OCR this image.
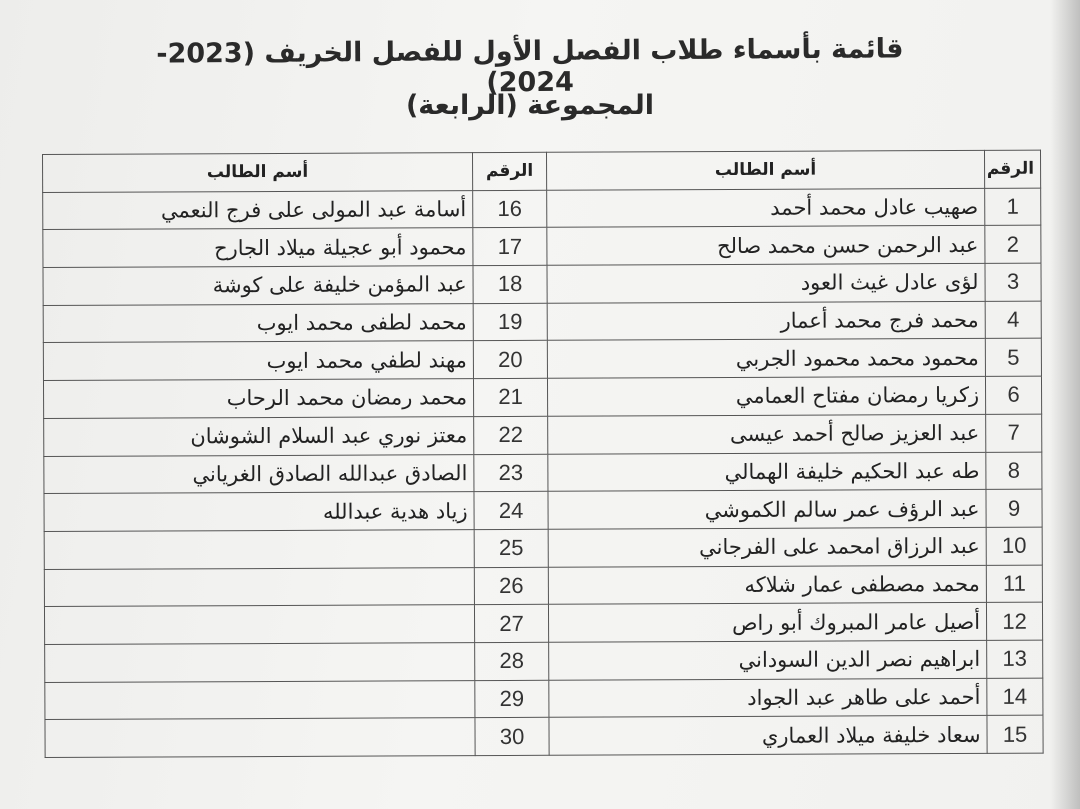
قائمة بأسماء طلاب الفصل الأول للفصل الخريف (2023-2024)
المجموعة (الرابعة)
الرقم	أسم الطالب	الرقم	أسم الطالب
1	صهيب عادل محمد أحمد	16	أسامة عبد المولى على فرج النعمي
2	عبد الرحمن حسن محمد صالح	17	محمود أبو عجيلة ميلاد الجارح
3	لؤى عادل غيث العود	18	عبد المؤمن خليفة على كوشة
4	محمد فرج محمد أعمار	19	محمد لطفى محمد ايوب
5	محمود محمد محمود الجربي	20	مهند لطفي محمد ايوب
6	زكريا رمضان مفتاح العمامي	21	محمد رمضان محمد الرحاب
7	عبد العزيز صالح أحمد عيسى	22	معتز نوري عبد السلام الشوشان
8	طه عبد الحكيم خليفة الهمالي	23	الصادق عبدالله الصادق الغرياني
9	عبد الرؤف عمر سالم الكموشي	24	زياد هدية عبدالله
10	عبد الرزاق امحمد على الفرجاني	25	
11	محمد مصطفى عمار شلاكه	26	
12	أصيل عامر المبروك أبو راص	27	
13	ابراهيم نصر الدين السوداني	28	
14	أحمد على طاهر عبد الجواد	29	
15	سعاد خليفة ميلاد العماري	30	
